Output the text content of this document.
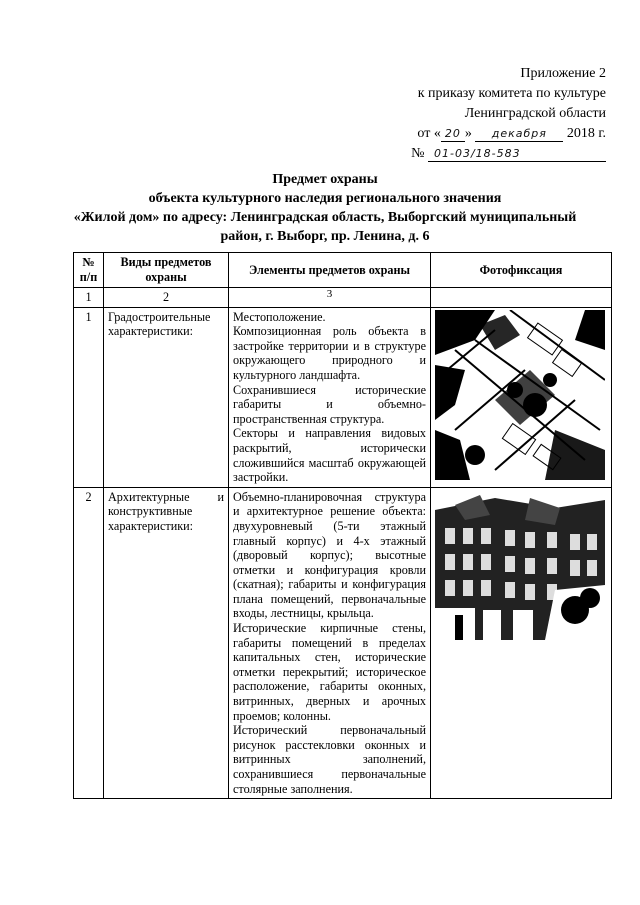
Приложение 2
к приказу комитета по культуре
Ленинградской области
от « 20 » декабря 2018 г.
№ 01-03/18-583
Предмет охраны
объекта культурного наследия регионального значения
«Жилой дом» по адресу: Ленинградская область, Выборгский муниципальный
район, г. Выборг, пр. Ленина, д. 6
№ п/п	Виды предметов охраны	Элементы предметов охраны	Фотофиксация
1	2	3	
1	Градостроительные характеристики:	Местоположение.

Композиционная роль объекта в застройке территории и в структуре окружающего природного и культурного ландшафта.

Сохранившиеся исторические габариты и объемно-пространственная структура.

Секторы и направления видовых раскрытий, исторически сложившийся масштаб окружающей застройки.

2	Архитектурные и конструктивные характеристики:	Объемно-планировочная структура и архитектурное решение объекта: двухуровневый (5-ти этажный главный корпус) и 4-х этажный (дворовый корпус); высотные отметки и конфигурация кровли (скатная); габариты и конфигурация плана помещений, первоначальные входы, лестницы, крыльца.

Исторические кирпичные стены, габариты помещений в пределах капитальных стен, исторические отметки перекрытий; историческое расположение, габариты оконных, витринных, дверных и арочных проемов; колонны.

Исторический первоначальный рисунок расстекловки оконных и витринных заполнений, сохранившиеся первоначальные столярные заполнения.
